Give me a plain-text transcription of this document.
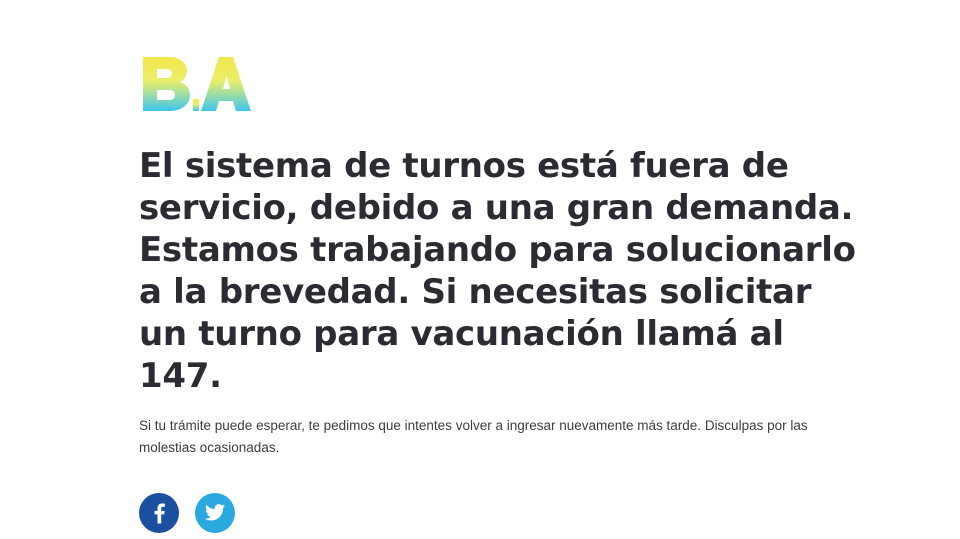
El sistema de turnos está fuera de servicio, debido a una gran demanda. Estamos trabajando para solucionarlo a la brevedad. Si necesitas solicitar un turno para vacunación llamá al 147.

Si tu trámite puede esperar, te pedimos que intentes volver a ingresar nuevamente más tarde. Disculpas por las molestias ocasionadas.
